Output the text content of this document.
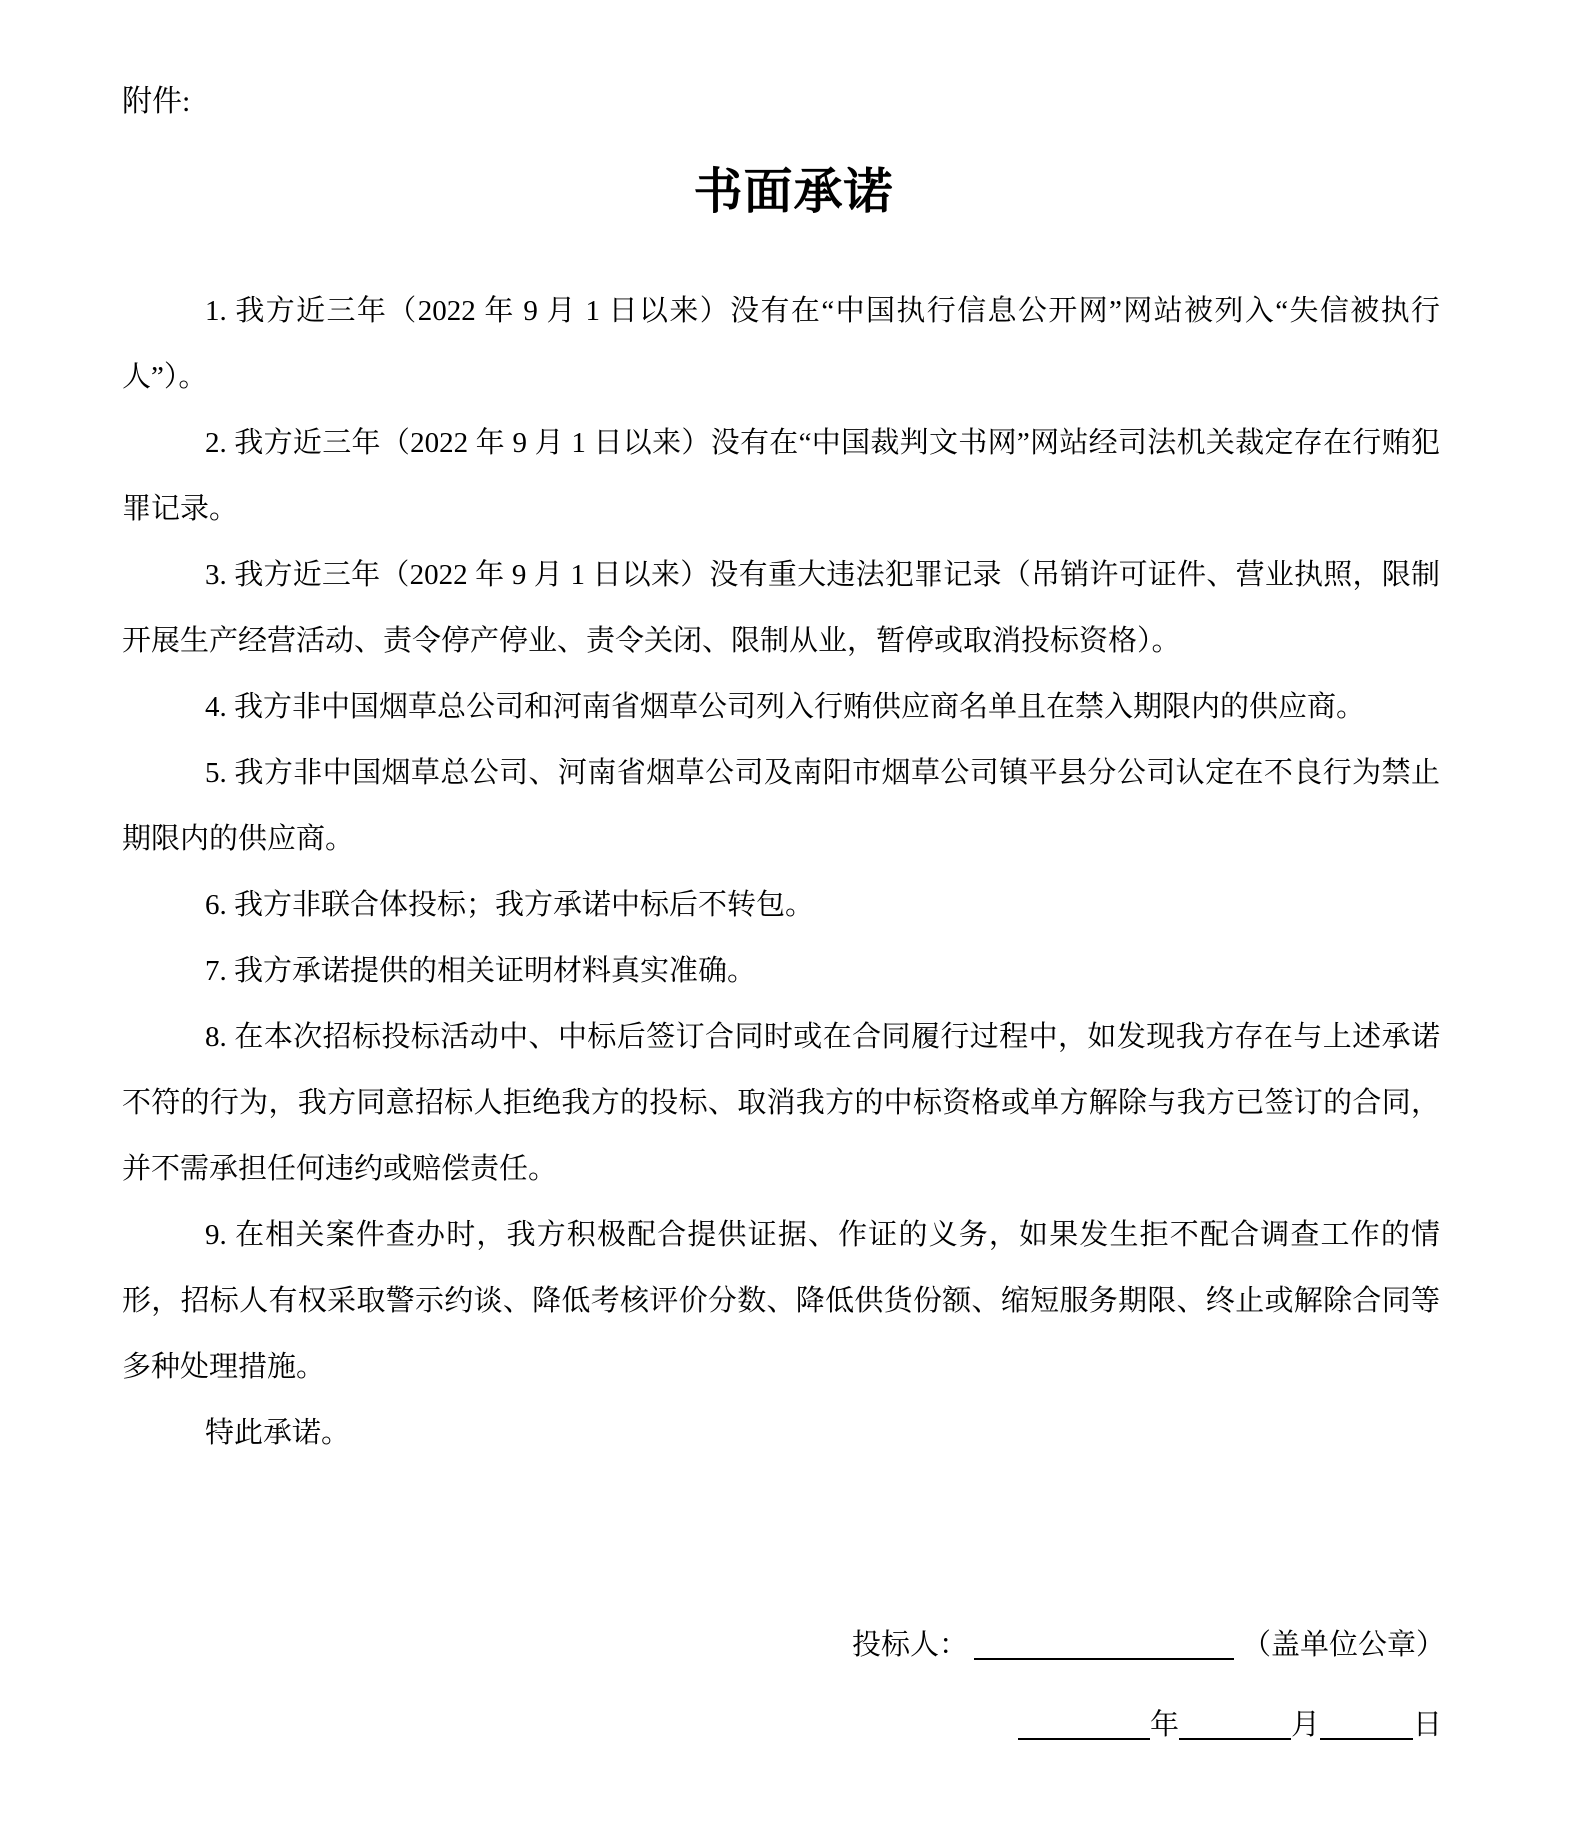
附件:
书面承诺

1. 我方近三年（2022 年 9 月 1 日以来）没有在“中国执行信息公开网”网站被列入“失信被执行人”）。

2. 我方近三年（2022 年 9 月 1 日以来）没有在“中国裁判文书网”网站经司法机关裁定存在行贿犯罪记录。

3. 我方近三年（2022 年 9 月 1 日以来）没有重大违法犯罪记录（吊销许可证件、营业执照，限制开展生产经营活动、责令停产停业、责令关闭、限制从业，暂停或取消投标资格）。

4. 我方非中国烟草总公司和河南省烟草公司列入行贿供应商名单且在禁入期限内的供应商。

5. 我方非中国烟草总公司、河南省烟草公司及南阳市烟草公司镇平县分公司认定在不良行为禁止期限内的供应商。

6. 我方非联合体投标；我方承诺中标后不转包。

7. 我方承诺提供的相关证明材料真实准确。

8. 在本次招标投标活动中、中标后签订合同时或在合同履行过程中，如发现我方存在与上述承诺不符的行为，我方同意招标人拒绝我方的投标、取消我方的中标资格或单方解除与我方已签订的合同，并不需承担任何违约或赔偿责任。

9. 在相关案件查办时，我方积极配合提供证据、作证的义务，如果发生拒不配合调查工作的情形，招标人有权采取警示约谈、降低考核评价分数、降低供货份额、缩短服务期限、终止或解除合同等多种处理措施。

特此承诺。

投标人：	（盖单位公章）
年	月	日
